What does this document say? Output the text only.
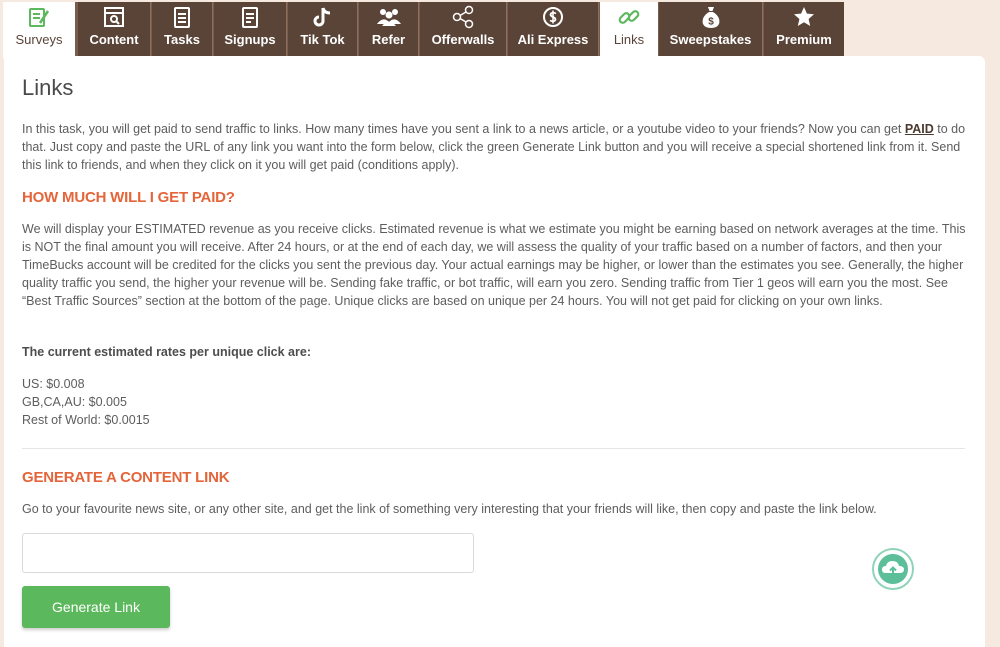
Surveys	Content	Tasks	Signups	Tik Tok	Refer	Offerwalls	Ali Express	Links
$
Sweepstakes	Premium
Links
In this task, you will get paid to send traffic to links. How many times have you sent a link to a news article, or a youtube video to your friends? Now you can get PAID to do that. Just copy and paste the URL of any link you want into the form below, click the green Generate Link button and you will receive a special shortened link from it. Send this link to friends, and when they click on it you will get paid (conditions apply).
HOW MUCH WILL I GET PAID?
We will display your ESTIMATED revenue as you receive clicks. Estimated revenue is what we estimate you might be earning based on network averages at the time. This is NOT the final amount you will receive. After 24 hours, or at the end of each day, we will assess the quality of your traffic based on a number of factors, and then your TimeBucks account will be credited for the clicks you sent the previous day. Your actual earnings may be higher, or lower than the estimates you see. Generally, the higher quality traffic you send, the higher your revenue will be. Sending fake traffic, or bot traffic, will earn you zero. Sending traffic from Tier 1 geos will earn you the most. See “Best Traffic Sources” section at the bottom of the page. Unique clicks are based on unique per 24 hours. You will not get paid for clicking on your own links.
The current estimated rates per unique click are:
US: $0.008
GB,CA,AU: $0.005
Rest of World: $0.0015
GENERATE A CONTENT LINK
Go to your favourite news site, or any other site, and get the link of something very interesting that your friends will like, then copy and paste the link below.
Generate Link
